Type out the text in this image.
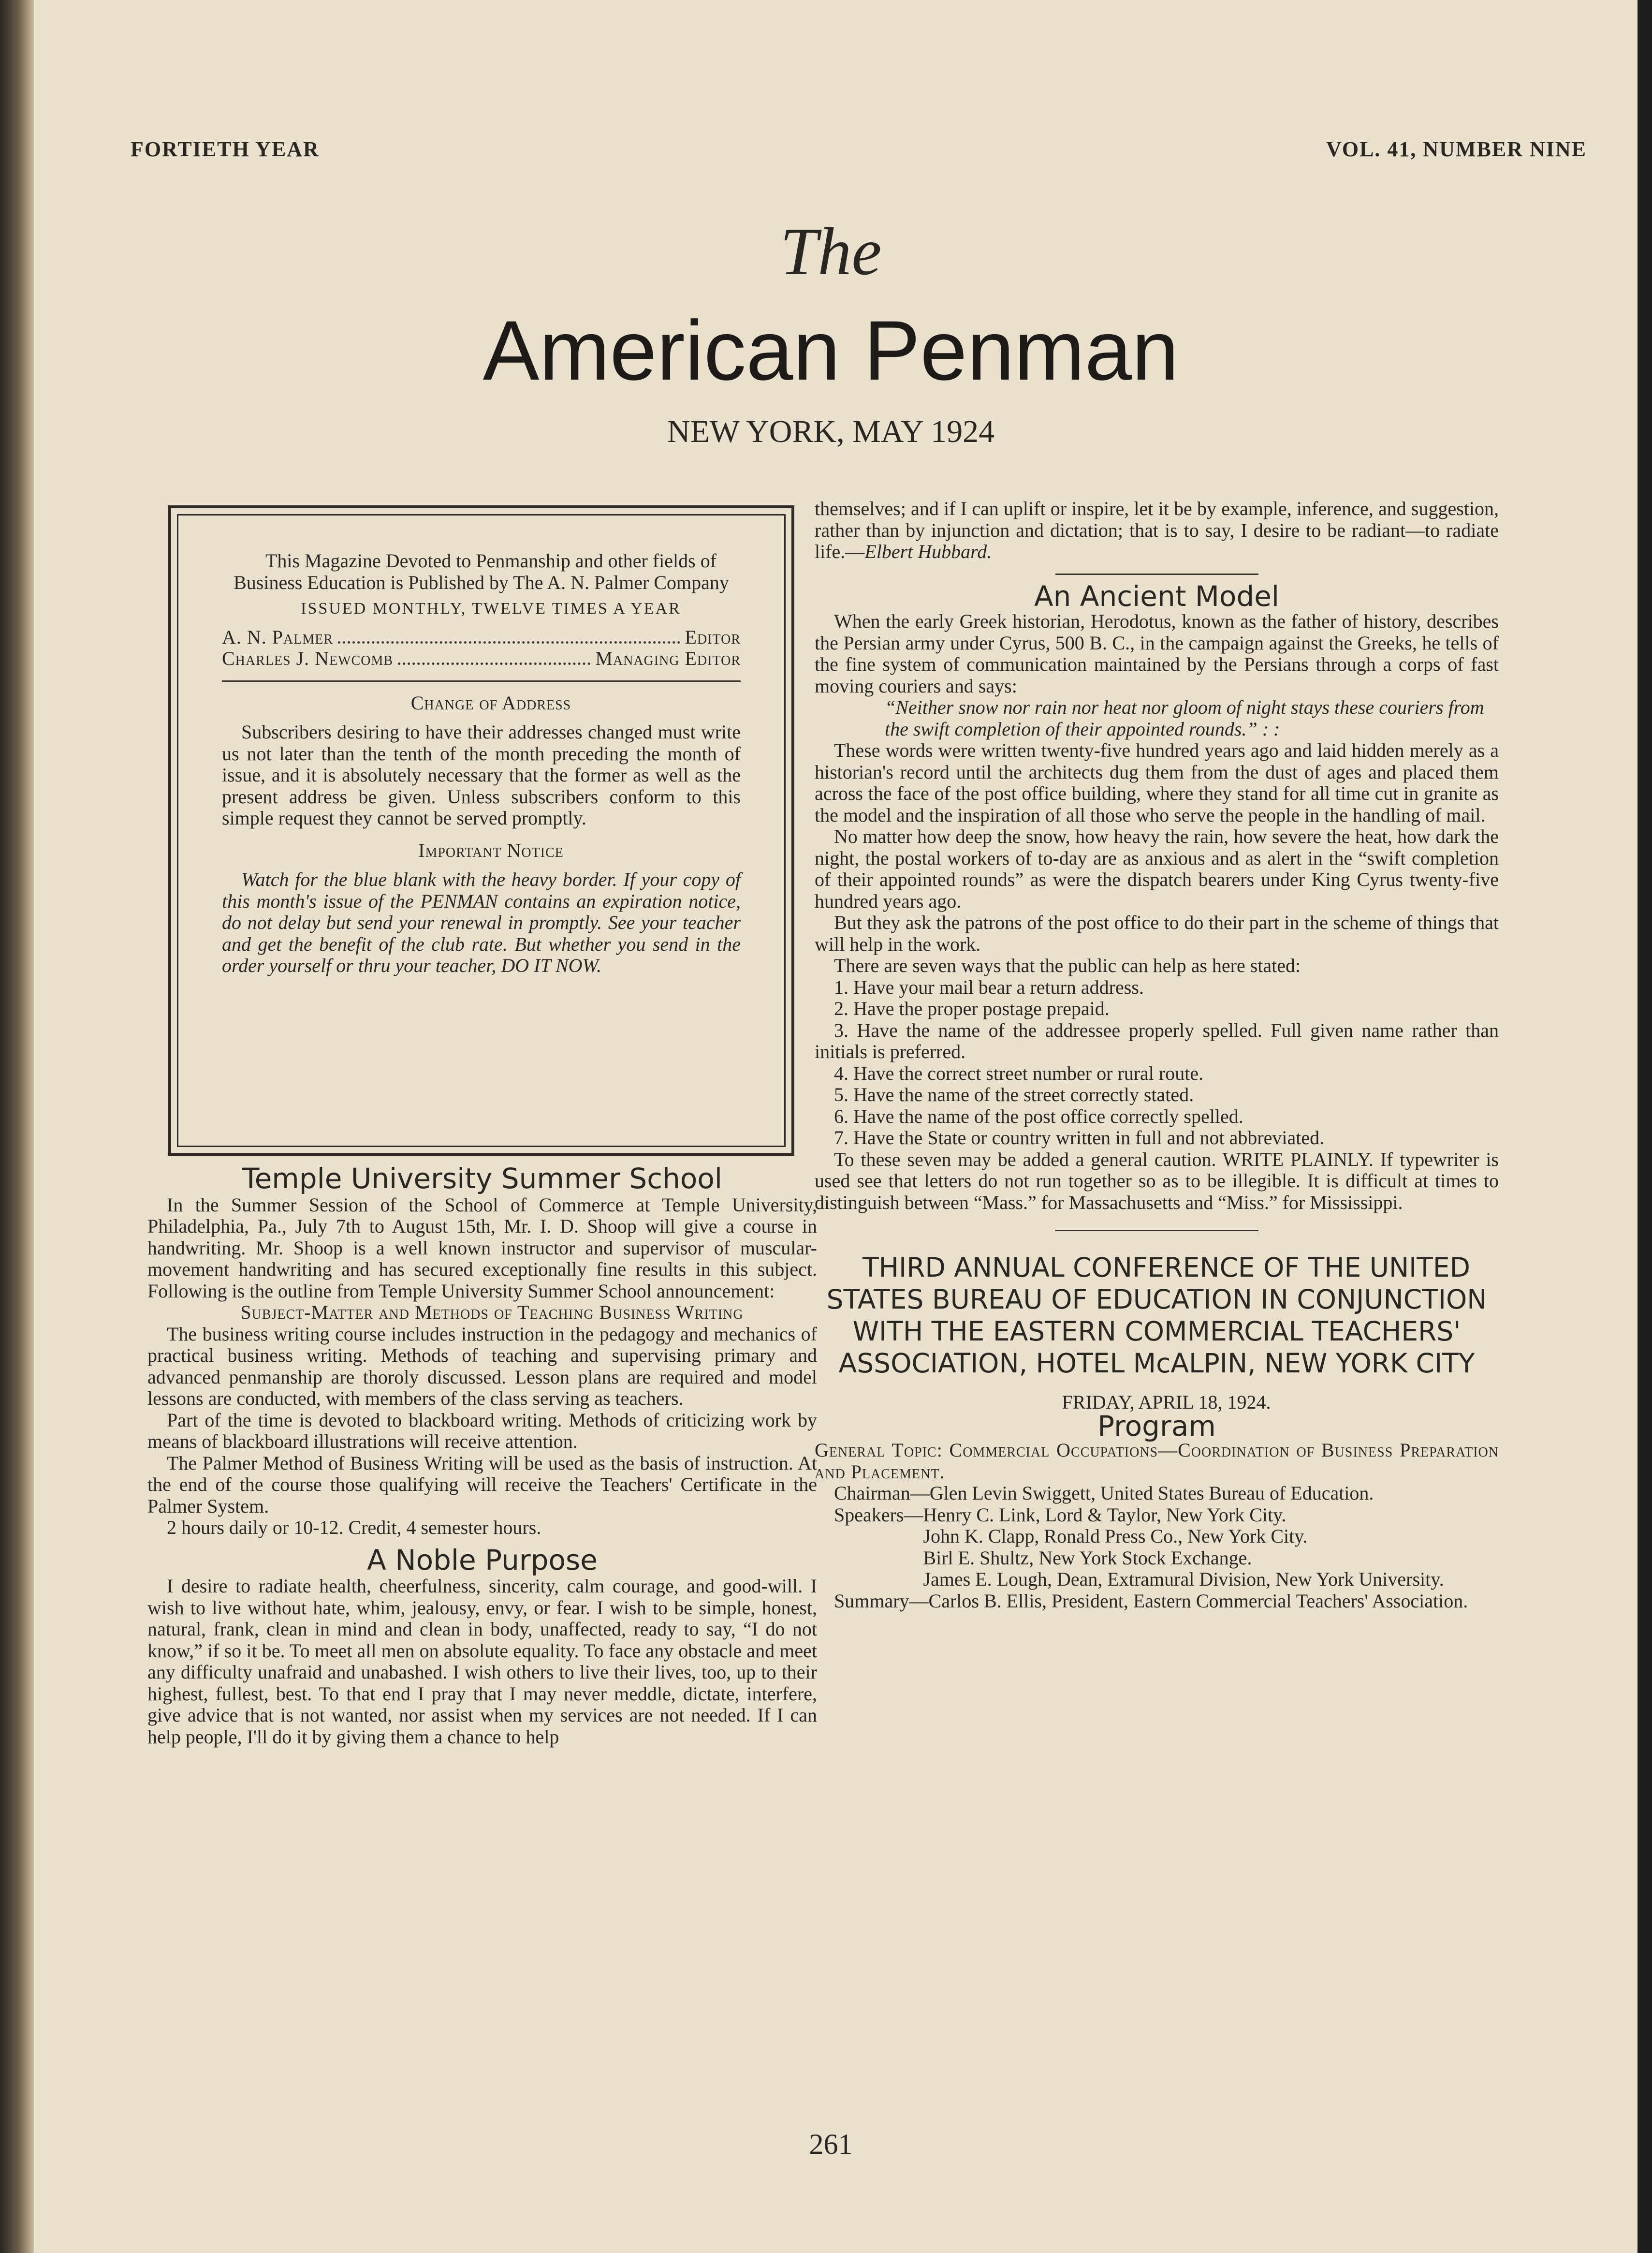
FORTIETH YEAR	VOL. 41, NUMBER NINE
The
American Penman
NEW YORK, MAY 1924

This Magazine Devoted to Penmanship and other fields of Business Education is Published by The A. N. Palmer Company

ISSUED MONTHLY, TWELVE TIMES A YEAR

A. N. Palmer	Editor
Charles J. Newcomb	Managing Editor

Change of Address

Subscribers desiring to have their addresses changed must write us not later than the tenth of the month preceding the month of issue, and it is absolutely necessary that the former as well as the present address be given. Unless subscribers conform to this simple request they cannot be served promptly.

Important Notice

Watch for the blue blank with the heavy border. If your copy of this month's issue of the PENMAN contains an expiration notice, do not delay but send your renewal in promptly. See your teacher and get the benefit of the club rate. But whether you send in the order yourself or thru your teacher, DO IT NOW.

Temple University Summer School

In the Summer Session of the School of Commerce at Temple University, Philadelphia, Pa., July 7th to August 15th, Mr. I. D. Shoop will give a course in handwriting. Mr. Shoop is a well known instructor and supervisor of muscular-movement handwriting and has secured exceptionally fine results in this subject. Following is the outline from Temple University Summer School announcement:

Subject-Matter and Methods of Teaching Business Writing

The business writing course includes instruction in the pedagogy and mechanics of practical business writing. Methods of teaching and supervising primary and advanced penmanship are thoroly discussed. Lesson plans are required and model lessons are conducted, with members of the class serving as teachers.

Part of the time is devoted to blackboard writing. Methods of criticizing work by means of blackboard illustrations will receive attention.

The Palmer Method of Business Writing will be used as the basis of instruction. At the end of the course those qualifying will receive the Teachers' Certificate in the Palmer System.

2 hours daily or 10-12. Credit, 4 semester hours.

A Noble Purpose

I desire to radiate health, cheerfulness, sincerity, calm courage, and good-will. I wish to live without hate, whim, jealousy, envy, or fear. I wish to be simple, honest, natural, frank, clean in mind and clean in body, unaffected, ready to say, “I do not know,” if so it be. To meet all men on absolute equality. To face any obstacle and meet any difficulty unafraid and unabashed. I wish others to live their lives, too, up to their highest, fullest, best. To that end I pray that I may never meddle, dictate, interfere, give advice that is not wanted, nor assist when my services are not needed. If I can help people, I'll do it by giving them a chance to help

themselves; and if I can uplift or inspire, let it be by example, inference, and suggestion, rather than by injunction and dictation; that is to say, I desire to be radiant—to radiate life.—Elbert Hubbard.

An Ancient Model

When the early Greek historian, Herodotus, known as the father of history, describes the Persian army under Cyrus, 500 B. C., in the campaign against the Greeks, he tells of the fine system of communication maintained by the Persians through a corps of fast moving couriers and says:

“Neither snow nor rain nor heat nor gloom of night stays these couriers from the swift completion of their appointed rounds.” : :

These words were written twenty-five hundred years ago and laid hidden merely as a historian's record until the architects dug them from the dust of ages and placed them across the face of the post office building, where they stand for all time cut in granite as the model and the inspiration of all those who serve the people in the handling of mail.

No matter how deep the snow, how heavy the rain, how severe the heat, how dark the night, the postal workers of to-day are as anxious and as alert in the “swift completion of their appointed rounds” as were the dispatch bearers under King Cyrus twenty-five hundred years ago.

But they ask the patrons of the post office to do their part in the scheme of things that will help in the work.

There are seven ways that the public can help as here stated:

1. Have your mail bear a return address.

2. Have the proper postage prepaid.

3. Have the name of the addressee properly spelled. Full given name rather than initials is preferred.

4. Have the correct street number or rural route.

5. Have the name of the street correctly stated.

6. Have the name of the post office correctly spelled.

7. Have the State or country written in full and not abbreviated.

To these seven may be added a general caution. WRITE PLAINLY. If typewriter is used see that letters do not run together so as to be illegible. It is difficult at times to distinguish between “Mass.” for Massachusetts and “Miss.” for Mississippi.

THIRD ANNUAL CONFERENCE OF THE UNITED STATES BUREAU OF EDUCATION IN CONJUNCTION WITH THE EASTERN COMMERCIAL TEACHERS' ASSOCIATION, HOTEL McALPIN, NEW YORK CITY

FRIDAY, APRIL 18, 1924.

Program

General Topic: Commercial Occupations—Coordination of Business Preparation and Placement.

Chairman—Glen Levin Swiggett, United States Bureau of Education.

Speakers— Henry C. Link, Lord & Taylor, New York City.
John K. Clapp, Ronald Press Co., New York City.
Birl E. Shultz, New York Stock Exchange.
James E. Lough, Dean, Extramural Division, New York University.

Summary—Carlos B. Ellis, President, Eastern Commercial Teachers' Association.

261
